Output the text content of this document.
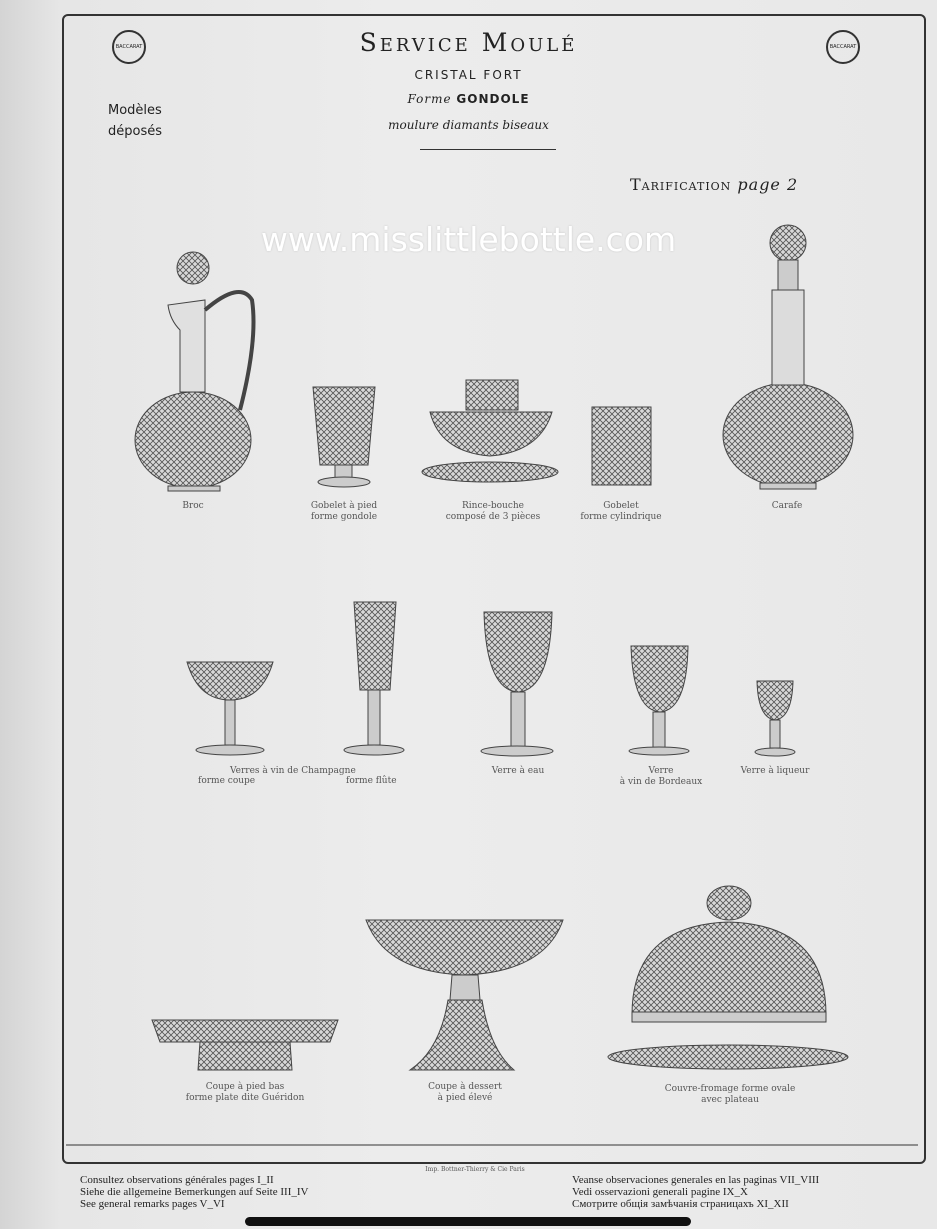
BACCARAT	BACCARAT
Service Moulé
CRISTAL FORT
Forme GONDOLE
moulure diamants biseaux
Modèles
déposés
Tarification page 2
www.misslittlebottle.com
Broc	Gobelet à pied
forme gondole
Rince-bouche
composé de 3 pièces
Gobelet
forme cylindrique
Carafe
Verres à vin de Champagne
forme coupe	forme flûte
Verre à eau	Verre
à vin de Bordeaux
Verre à liqueur
Coupe à pied bas
forme plate dite Guéridon
Coupe à dessert
à pied élevé
Couvre-fromage forme ovale
avec plateau
Imp. Bottner-Thierry & Cie Paris
Consultez observations générales pages I_II
Siehe die allgemeine Bemerkungen auf Seite III_IV
See general remarks pages V_VI
Veanse observaciones generales en las paginas VII_VIII
Vedi osservazioni generali pagine IX_X
Смотрите общія замѣчанія страницахъ XI_XII
